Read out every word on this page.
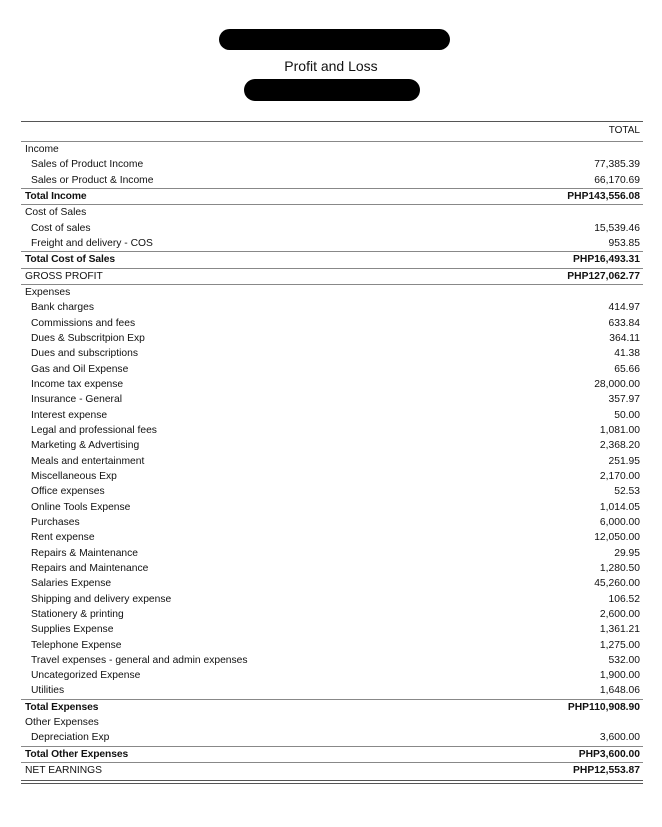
Profit and Loss
TOTAL
Income
Sales of Product Income	77,385.39
Sales or Product & Income	66,170.69
Total Income	PHP143,556.08
Cost of Sales
Cost of sales	15,539.46
Freight and delivery - COS	953.85
Total Cost of Sales	PHP16,493.31
GROSS PROFIT	PHP127,062.77
Expenses
Bank charges	414.97
Commissions and fees	633.84
Dues & Subscritpion Exp	364.11
Dues and subscriptions	41.38
Gas and Oil Expense	65.66
Income tax expense	28,000.00
Insurance - General	357.97
Interest expense	50.00
Legal and professional fees	1,081.00
Marketing & Advertising	2,368.20
Meals and entertainment	251.95
Miscellaneous Exp	2,170.00
Office expenses	52.53
Online Tools Expense	1,014.05
Purchases	6,000.00
Rent expense	12,050.00
Repairs & Maintenance	29.95
Repairs and Maintenance	1,280.50
Salaries Expense	45,260.00
Shipping and delivery expense	106.52
Stationery & printing	2,600.00
Supplies Expense	1,361.21
Telephone Expense	1,275.00
Travel expenses - general and admin expenses	532.00
Uncategorized Expense	1,900.00
Utilities	1,648.06
Total Expenses	PHP110,908.90
Other Expenses
Depreciation Exp	3,600.00
Total Other Expenses	PHP3,600.00
NET EARNINGS	PHP12,553.87
